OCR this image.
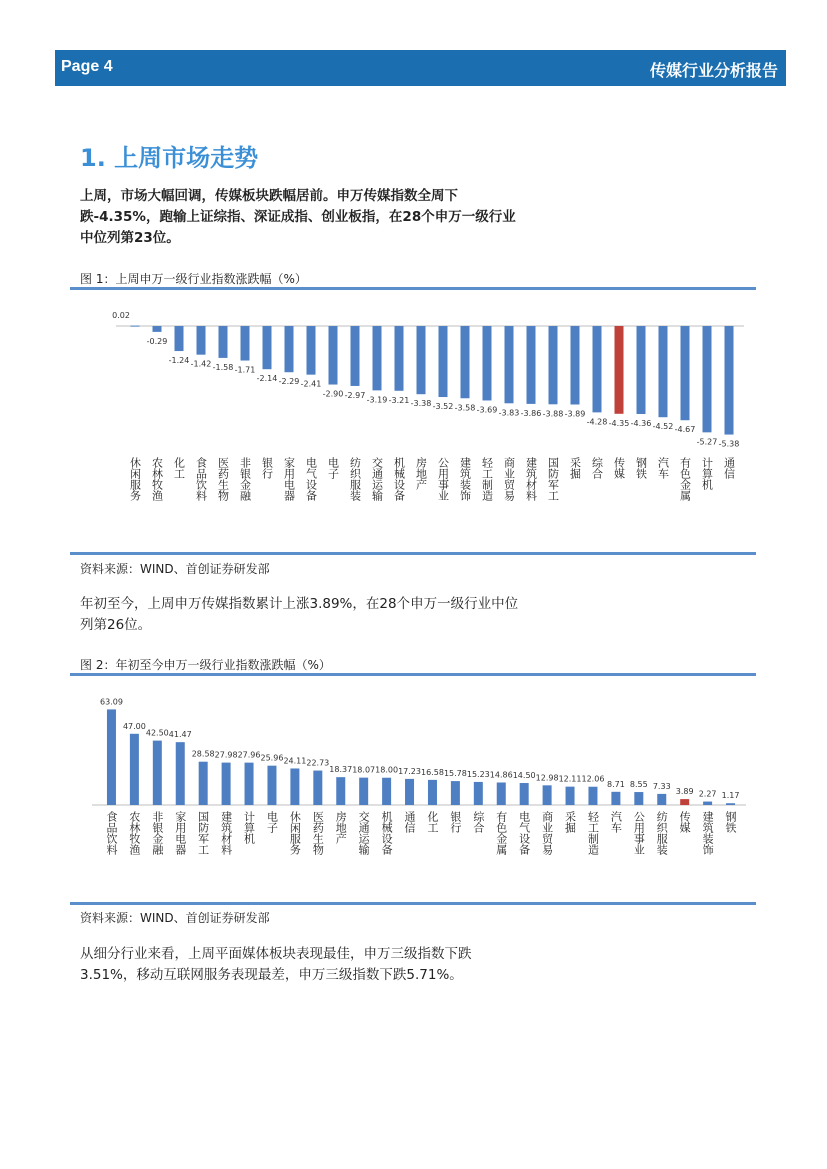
Page 4	传媒行业分析报告
1. 上周市场走势
上周，市场大幅回调，传媒板块跌幅居前。申万传媒指数全周下跌-4.35%，跑输上证综指、深证成指、创业板指，在28个申万一级行业中位列第23位。
图 1：上周申万一级行业指数涨跌幅（%）
0.02
休闲服务
-0.29
农林牧渔
-1.24
化工
-1.42
食品饮料
-1.58
医药生物
-1.71
非银金融
-2.14
银行
-2.29
家用电器
-2.41
电气设备
-2.90
电子
-2.97
纺织服装
-3.19
交通运输
-3.21
机械设备
-3.38
房地产
-3.52
公用事业
-3.58
建筑装饰
-3.69
轻工制造
-3.83
商业贸易
-3.86
建筑材料
-3.88
国防军工
-3.89
采掘
-4.28
综合
-4.35
传媒
-4.36
钢铁
-4.52
汽车
-4.67
有色金属
-5.27
计算机
-5.38
通信
资料来源：WIND、首创证券研发部
年初至今，上周申万传媒指数累计上涨3.89%，在28个申万一级行业中位列第26位。
图 2：年初至今申万一级行业指数涨跌幅（%）
63.09
食品饮料
47.00
农林牧渔
42.50
非银金融
41.47
家用电器
28.58
国防军工
27.98
建筑材料
27.96
计算机
25.96
电子
24.11
休闲服务
22.73
医药生物
18.37
房地产
18.07
交通运输
18.00
机械设备
17.23
通信
16.58
化工
15.78
银行
15.23
综合
14.86
有色金属
14.50
电气设备
12.98
商业贸易
12.11
采掘
12.06
轻工制造
8.71
汽车
8.55
公用事业
7.33
纺织服装
3.89
传媒
2.27
建筑装饰
1.17
钢铁
资料来源：WIND、首创证券研发部
从细分行业来看，上周平面媒体板块表现最佳，申万三级指数下跌3.51%，移动互联网服务表现最差，申万三级指数下跌5.71%。
